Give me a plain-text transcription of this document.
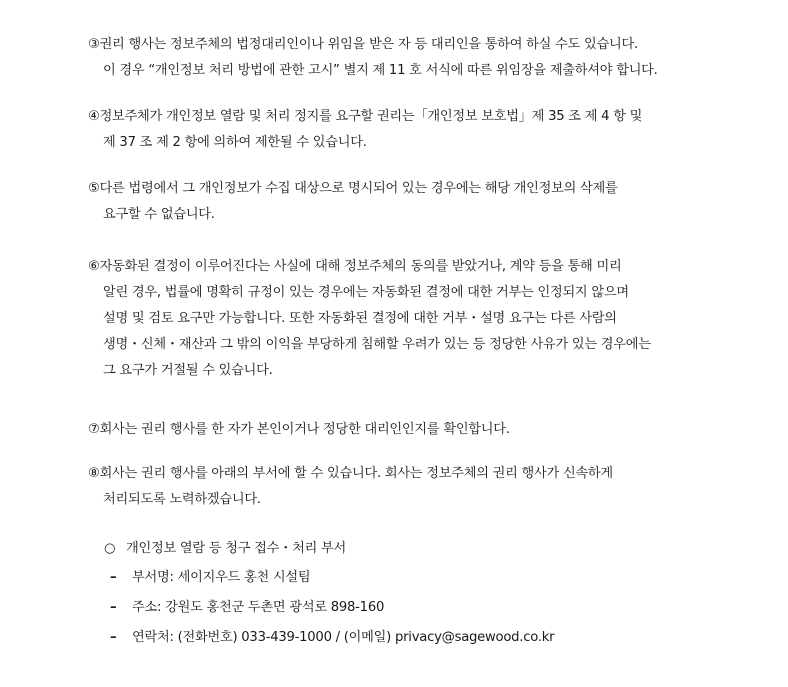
③권리 행사는 정보주체의 법정대리인이나 위임을 받은 자 등 대리인을 통하여 하실 수도 있습니다.
이 경우 “개인정보 처리 방법에 관한 고시” 별지 제 11 호 서식에 따른 위임장을 제출하셔야 합니다.
④정보주체가 개인정보 열람 및 처리 정지를 요구할 권리는「개인정보 보호법」제 35 조 제 4 항 및
제 37 조 제 2 항에 의하여 제한될 수 있습니다.
⑤다른 법령에서 그 개인정보가 수집 대상으로 명시되어 있는 경우에는 해당 개인정보의 삭제를
요구할 수 없습니다.
⑥자동화된 결정이 이루어진다는 사실에 대해 정보주체의 동의를 받았거나, 계약 등을 통해 미리
알린 경우, 법률에 명확히 규정이 있는 경우에는 자동화된 결정에 대한 거부는 인정되지 않으며
설명 및 검토 요구만 가능합니다. 또한 자동화된 결정에 대한 거부・설명 요구는 다른 사람의
생명・신체・재산과 그 밖의 이익을 부당하게 침해할 우려가 있는 등 정당한 사유가 있는 경우에는
그 요구가 거절될 수 있습니다.
⑦회사는 권리 행사를 한 자가 본인이거나 정당한 대리인인지를 확인합니다.
⑧회사는 권리 행사를 아래의 부서에 할 수 있습니다. 회사는 정보주체의 권리 행사가 신속하게
처리되도록 노력하겠습니다.
○ 개인정보 열람 등 청구 접수・처리 부서
– 부서명: 세이지우드 홍천 시설팀
– 주소: 강원도 홍천군 두촌면 광석로 898-160
– 연락처: (전화번호) 033-439-1000 / (이메일) privacy@sagewood.co.kr
